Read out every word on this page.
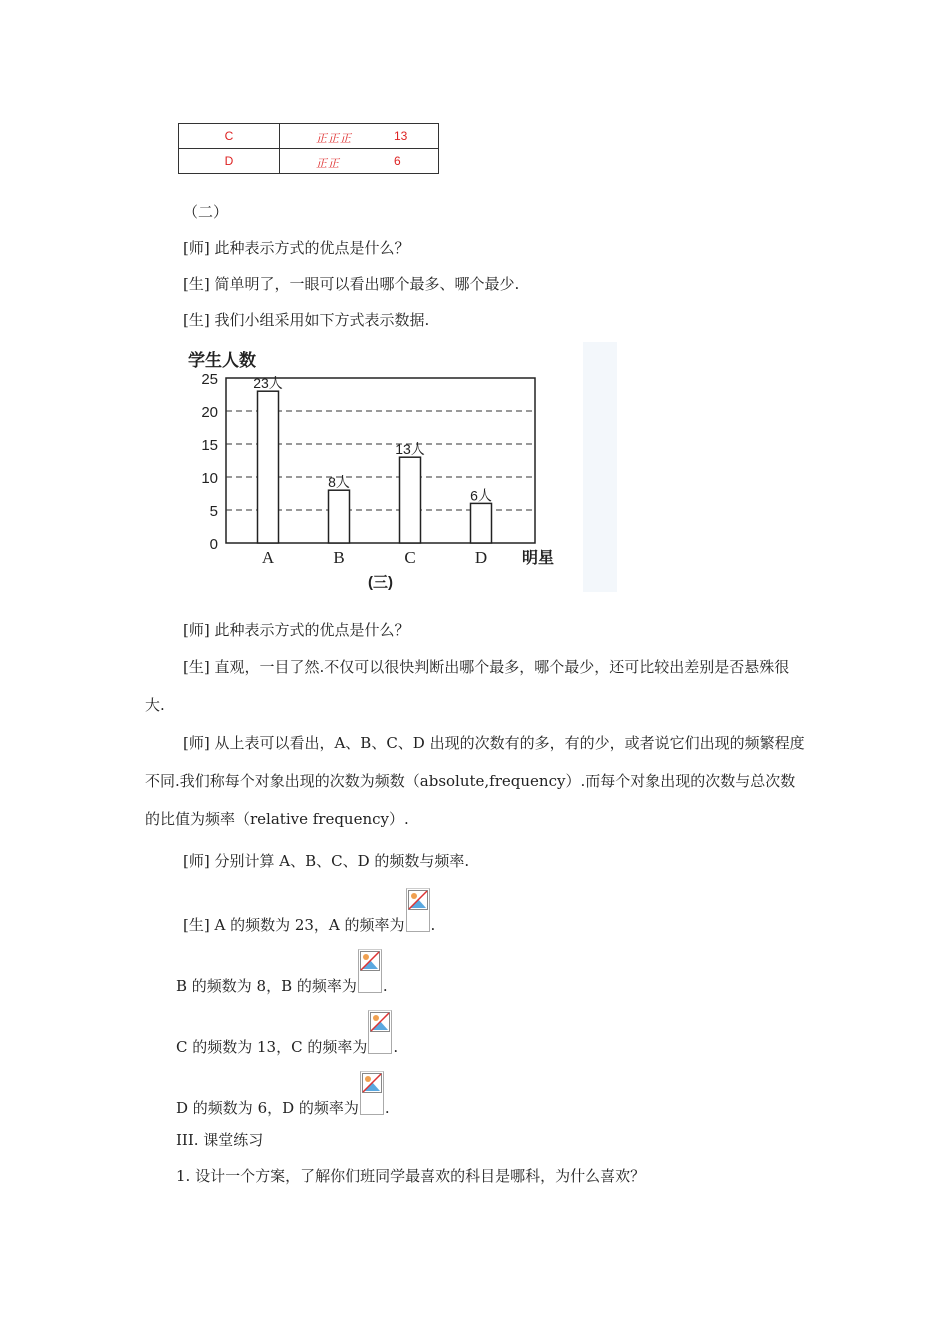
C	正正正 13

D	正正 6
（二）
[师] 此种表示方式的优点是什么？
[生] 简单明了，一眼可以看出哪个最多、哪个最少.
[生] 我们小组采用如下方式表示数据.
学生人数
明星
(三)
0
5
10
15
20
25	23人
A
8人
B
13人
C
6人
D
[师] 此种表示方式的优点是什么？
[生] 直观，一目了然.不仅可以很快判断出哪个最多，哪个最少，还可比较出差别是否悬殊很大.
[师] 从上表可以看出，A、B、C、D 出现的次数有的多，有的少，或者说它们出现的频繁程度不同.我们称每个对象出现的次数为频数（absolute,frequency）.而每个对象出现的次数与总次数的比值为频率（relative frequency）.
[师] 分别计算 A、B、C、D 的频数与频率.
[生] A 的频数为 23，A 的频率为 .
B 的频数为 8，B 的频率为 .
C 的频数为 13，C 的频率为 .
D 的频数为 6，D 的频率为 .
III. 课堂练习
1. 设计一个方案，了解你们班同学最喜欢的科目是哪科，为什么喜欢？
